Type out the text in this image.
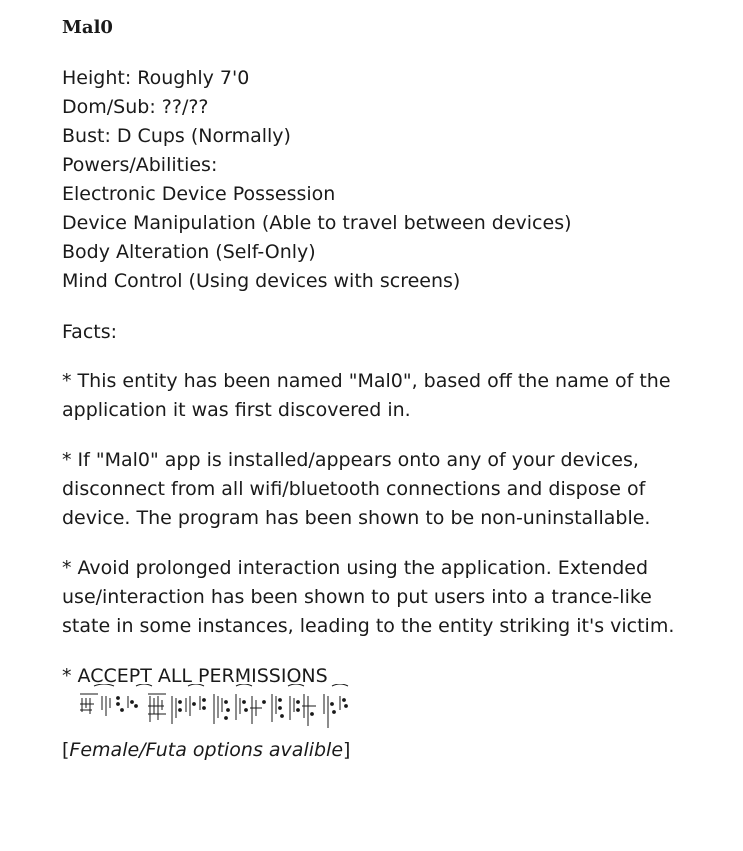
Mal0
Height: Roughly 7'0
Dom/Sub: ??/??
Bust: D Cups (Normally)
Powers/Abilities:
Electronic Device Possession
Device Manipulation (Able to travel between devices)
Body Alteration (Self-Only)
Mind Control (Using devices with screens)
Facts:

* This entity has been named "Mal0", based off the name of the application it was first discovered in.

* If "Mal0" app is installed/appears onto any of your devices, disconnect from all wifi/bluetooth connections and dispose of device. The program has been shown to be non-uninstallable.

* Avoid prolonged interaction using the application. Extended use/interaction has been shown to put users into a trance-like state in some instances, leading to the entity striking it's victim.

* ACCEPT ALL PERMISSIONS
[Female/Futa options avalible]
